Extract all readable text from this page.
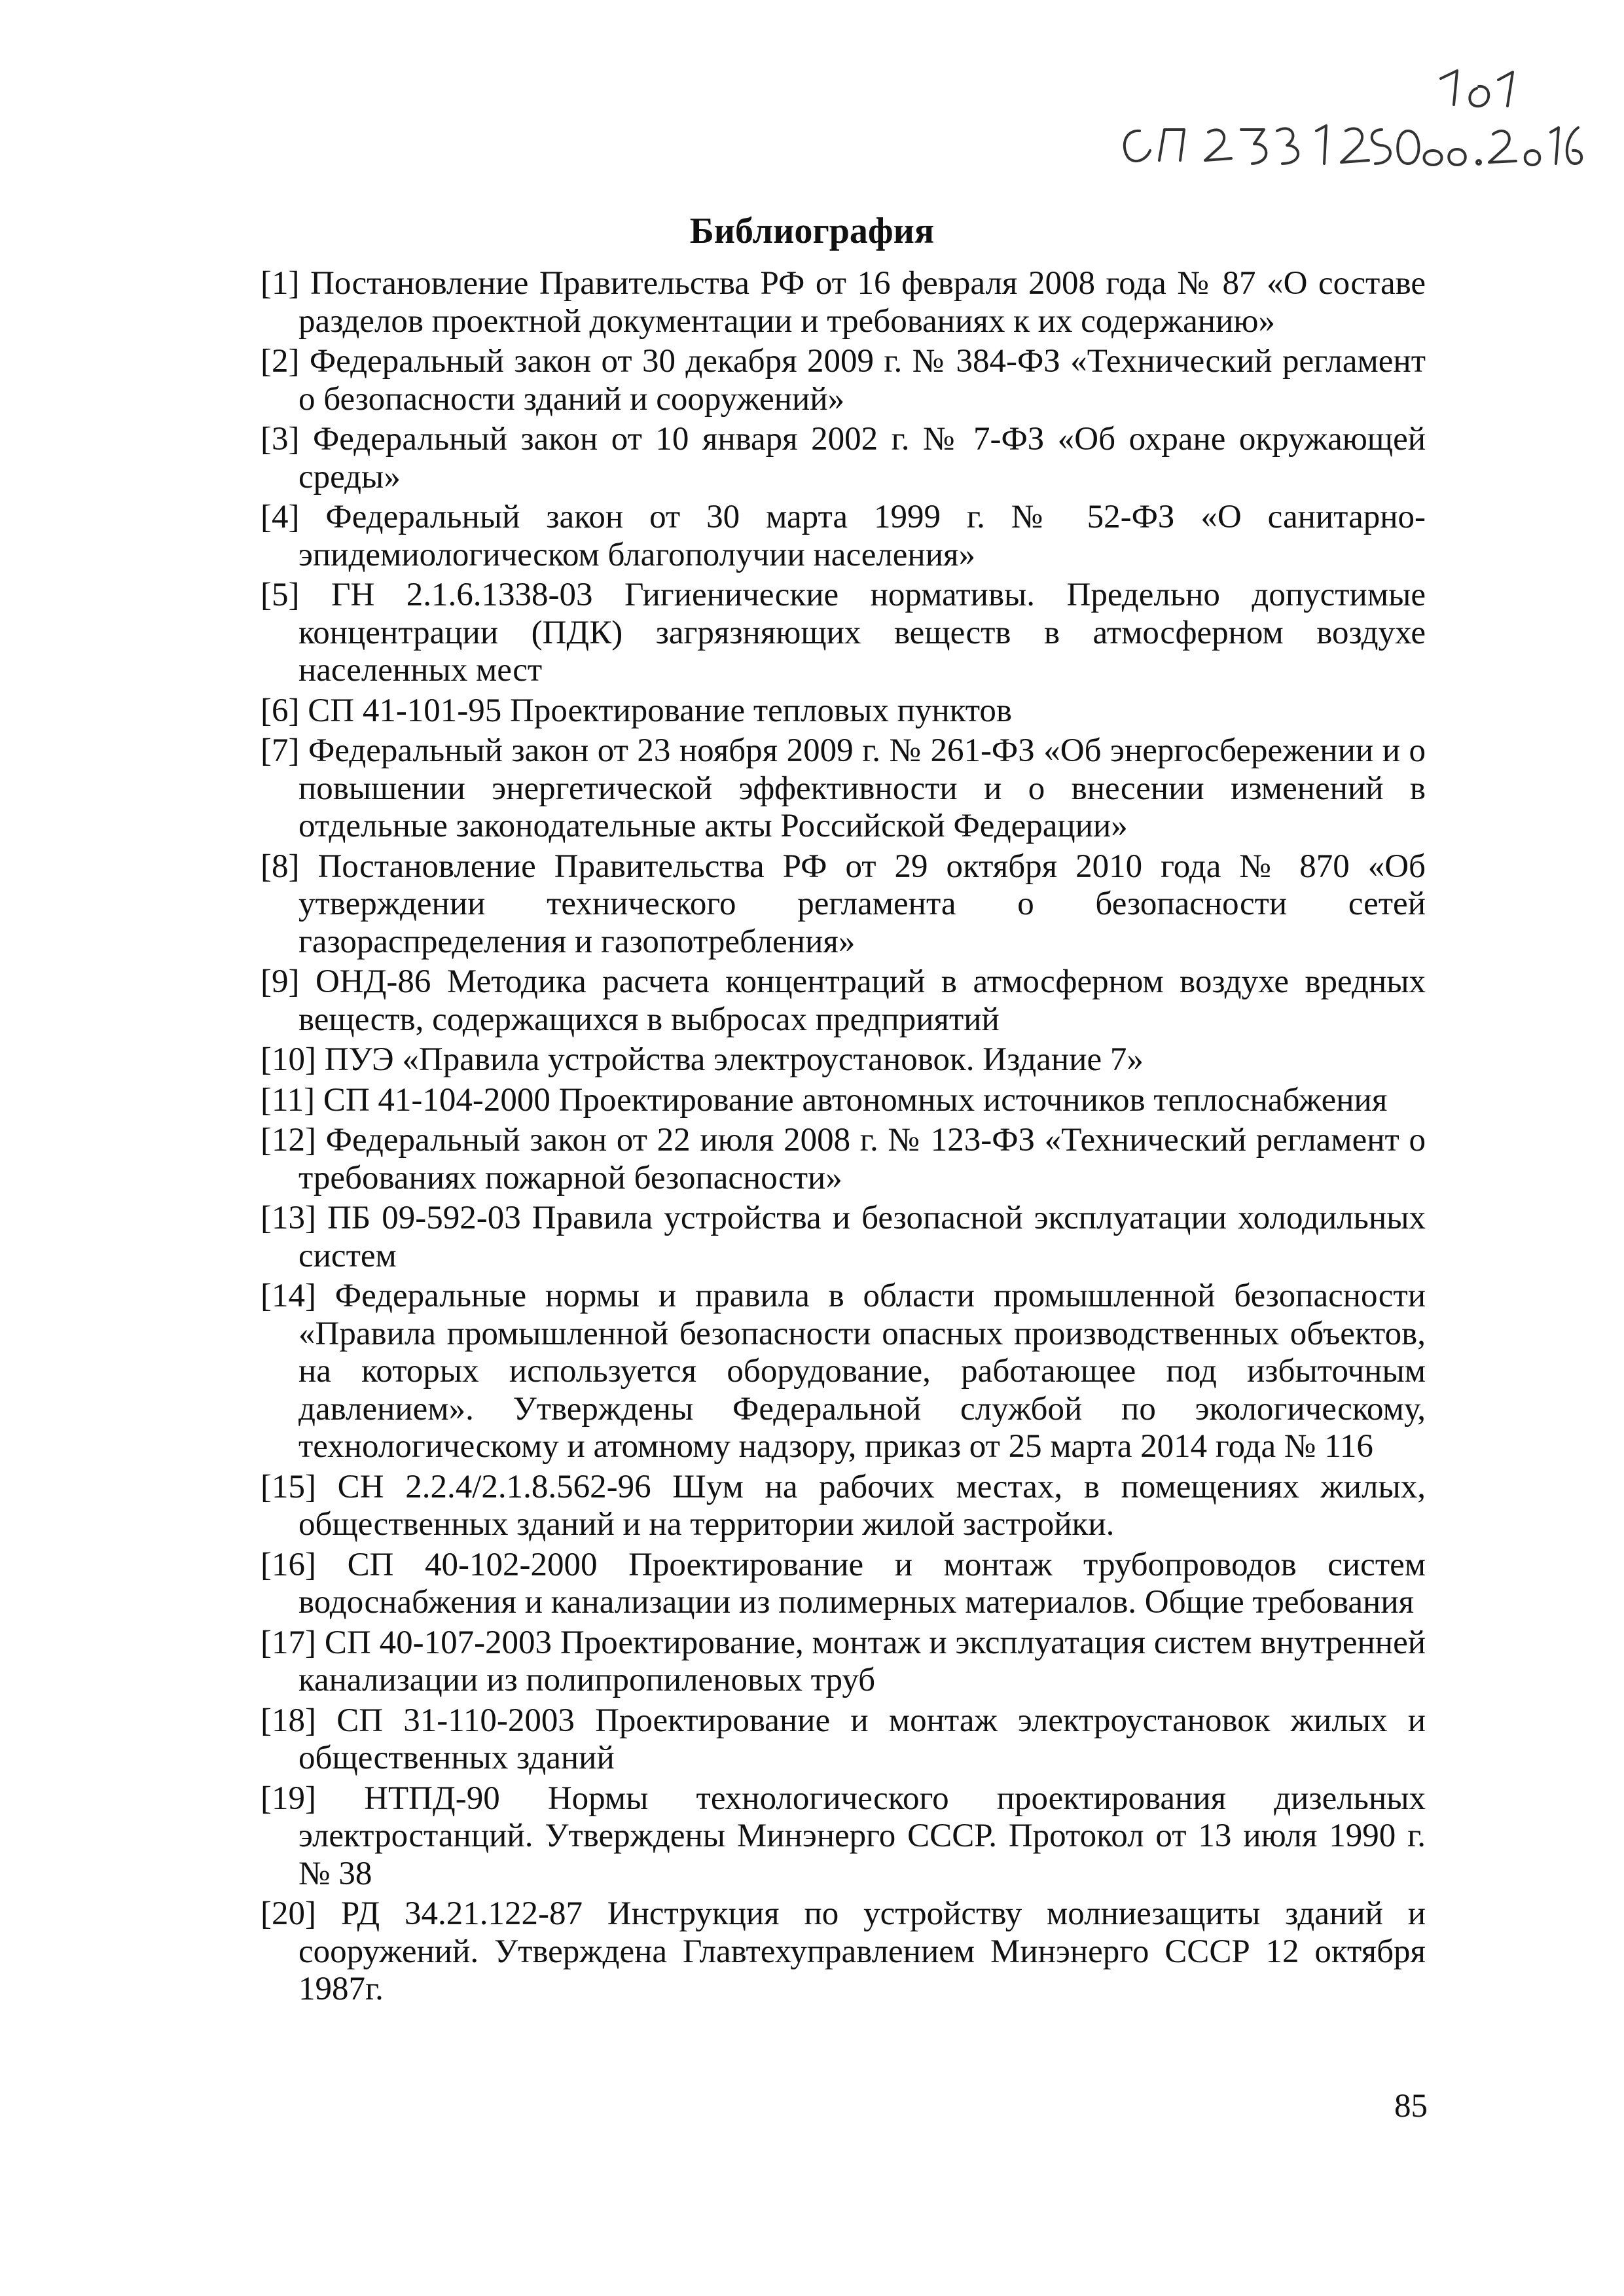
СП 253.1325800.2016
Библиография
[1] Постановление Правительства РФ от 16 февраля 2008 года № 87 «О составе разделов проектной документации и требованиях к их содержанию»
[2] Федеральный закон от 30 декабря 2009 г. № 384-ФЗ «Технический регламент о безопасности зданий и сооружений»
[3] Федеральный закон от 10 января 2002 г. № 7-ФЗ «Об охране окружающей среды»
[4] Федеральный закон от 30 марта 1999 г. № 52-ФЗ «О санитарно-эпидемиологическом благополучии населения»
[5] ГН 2.1.6.1338-03 Гигиенические нормативы. Предельно допустимые концентрации (ПДК) загрязняющих веществ в атмосферном воздухе населенных мест
[6] СП 41-101-95 Проектирование тепловых пунктов
[7] Федеральный закон от 23 ноября 2009 г. № 261-ФЗ «Об энергосбережении и о повышении энергетической эффективности и о внесении изменений в отдельные законодательные акты Российской Федерации»
[8] Постановление Правительства РФ от 29 октября 2010 года № 870 «Об утверждении технического регламента о безопасности сетей газораспределения и газопотребления»
[9] ОНД-86 Методика расчета концентраций в атмосферном воздухе вредных веществ, содержащихся в выбросах предприятий
[10] ПУЭ «Правила устройства электроустановок. Издание 7»
[11] СП 41-104-2000 Проектирование автономных источников теплоснабжения
[12] Федеральный закон от 22 июля 2008 г. № 123-ФЗ «Технический регламент о требованиях пожарной безопасности»
[13] ПБ 09-592-03 Правила устройства и безопасной эксплуатации холодильных систем
[14] Федеральные нормы и правила в области промышленной безопасности «Правила промышленной безопасности опасных производственных объектов, на которых используется оборудование, работающее под избыточным давлением». Утверждены Федеральной службой по экологическому, технологическому и атомному надзору, приказ от 25 марта 2014 года № 116
[15] СН 2.2.4/2.1.8.562-96 Шум на рабочих местах, в помещениях жилых, общественных зданий и на территории жилой застройки.
[16] СП 40-102-2000 Проектирование и монтаж трубопроводов систем водоснабжения и канализации из полимерных материалов. Общие требования
[17] СП 40-107-2003 Проектирование, монтаж и эксплуатация систем внутренней канализации из полипропиленовых труб
[18] СП 31-110-2003 Проектирование и монтаж электроустановок жилых и общественных зданий
[19] НТПД-90 Нормы технологического проектирования дизельных электростанций. Утверждены Минэнерго СССР. Протокол от 13 июля 1990 г. № 38
[20] РД 34.21.122-87 Инструкция по устройству молниезащиты зданий и сооружений. Утверждена Главтехуправлением Минэнерго СССР 12 октября 1987г.
85
